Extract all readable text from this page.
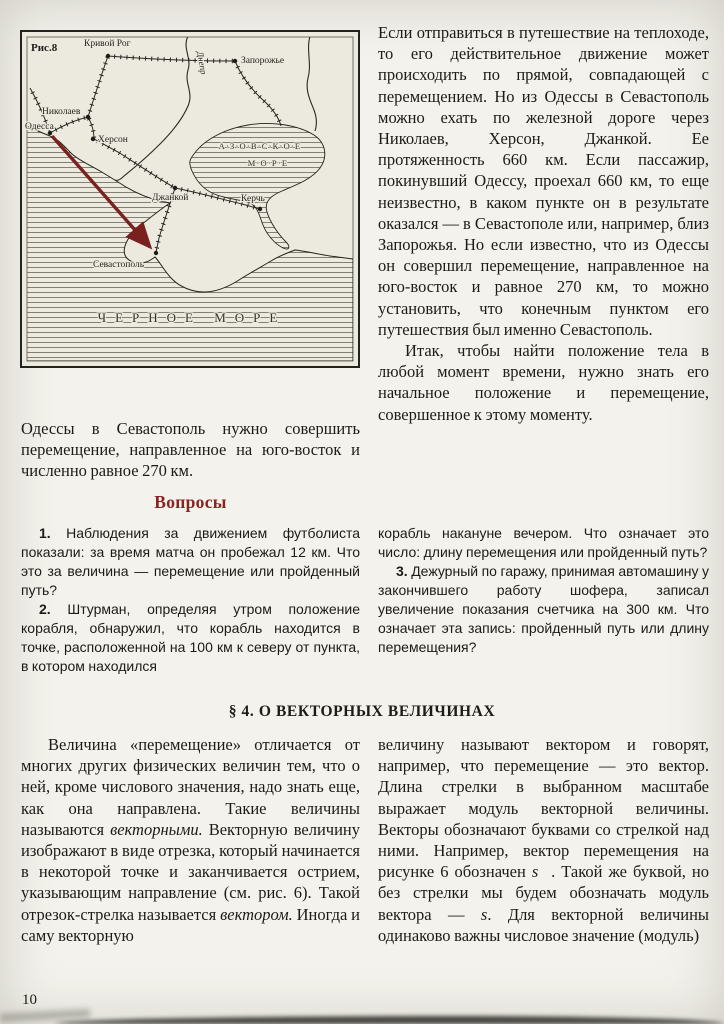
Рис.8	Кривой Рог
Днепр	Запорожье
Николаев
Одесса
Херсон
Джанкой	Керчь
Севастополь
А·З·О·В·С·К·О·Е
М·О·Р·Е
ЧЕРНОЕ МОРЕ

Если отправиться в путешествие на теплоходе, то его действительное движение может происходить по прямой, совпадающей с перемещением. Но из Одессы в Севастополь можно ехать по железной дороге через Николаев, Херсон, Джанкой. Ее протяженность 660 км. Если пассажир, покинувший Одессу, проехал 660 км, то еще неизвестно, в каком пункте он в результате оказался — в Севастополе или, например, близ Запорожья. Но если известно, что из Одессы он совершил перемещение, направленное на юго-восток и равное 270 км, то можно установить, что конечным пунктом его путешествия был именно Севастополь.

Итак, чтобы найти положение тела в любой момент времени, нужно знать его начальное положение и перемещение, совершенное к этому моменту.

Одессы в Севастополь нужно совершить перемещение, направленное на юго-восток и численно равное 270 км.

Вопросы

1. Наблюдения за движением футболиста показали: за время матча он пробежал 12 км. Что это за величина — перемещение или пройденный путь?

2. Штурман, определяя утром положение корабля, обнаружил, что корабль находится в точке, расположенной на 100 км к северу от пункта, в котором находился

корабль накануне вечером. Что означает это число: длину перемещения или пройденный путь?

3. Дежурный по гаражу, принимая автомашину у закончившего работу шофера, записал увеличение показания счетчика на 300 км. Что означает эта запись: пройденный путь или длину перемещения?

§ 4. О ВЕКТОРНЫХ ВЕЛИЧИНАХ

Величина «перемещение» отличается от многих других физических величин тем, что о ней, кроме числового значения, надо знать еще, как она направлена. Такие величины называются векторными. Векторную величину изображают в виде отрезка, который начинается в некоторой точке и заканчивается острием, указывающим направление (см. рис. 6). Такой отрезок-стрелка называется вектором. Иногда и саму векторную

величину называют вектором и говорят, например, что перемещение — это вектор. Длина стрелки в выбранном масштабе выражает модуль векторной величины. Векторы обозначают буквами со стрелкой над ними. Например, вектор перемещения на рисунке 6 обозначен s⃗. Такой же буквой, но без стрелки мы будем обозначать модуль вектора — s. Для векторной величины одинаково важны числовое значение (модуль)

10
